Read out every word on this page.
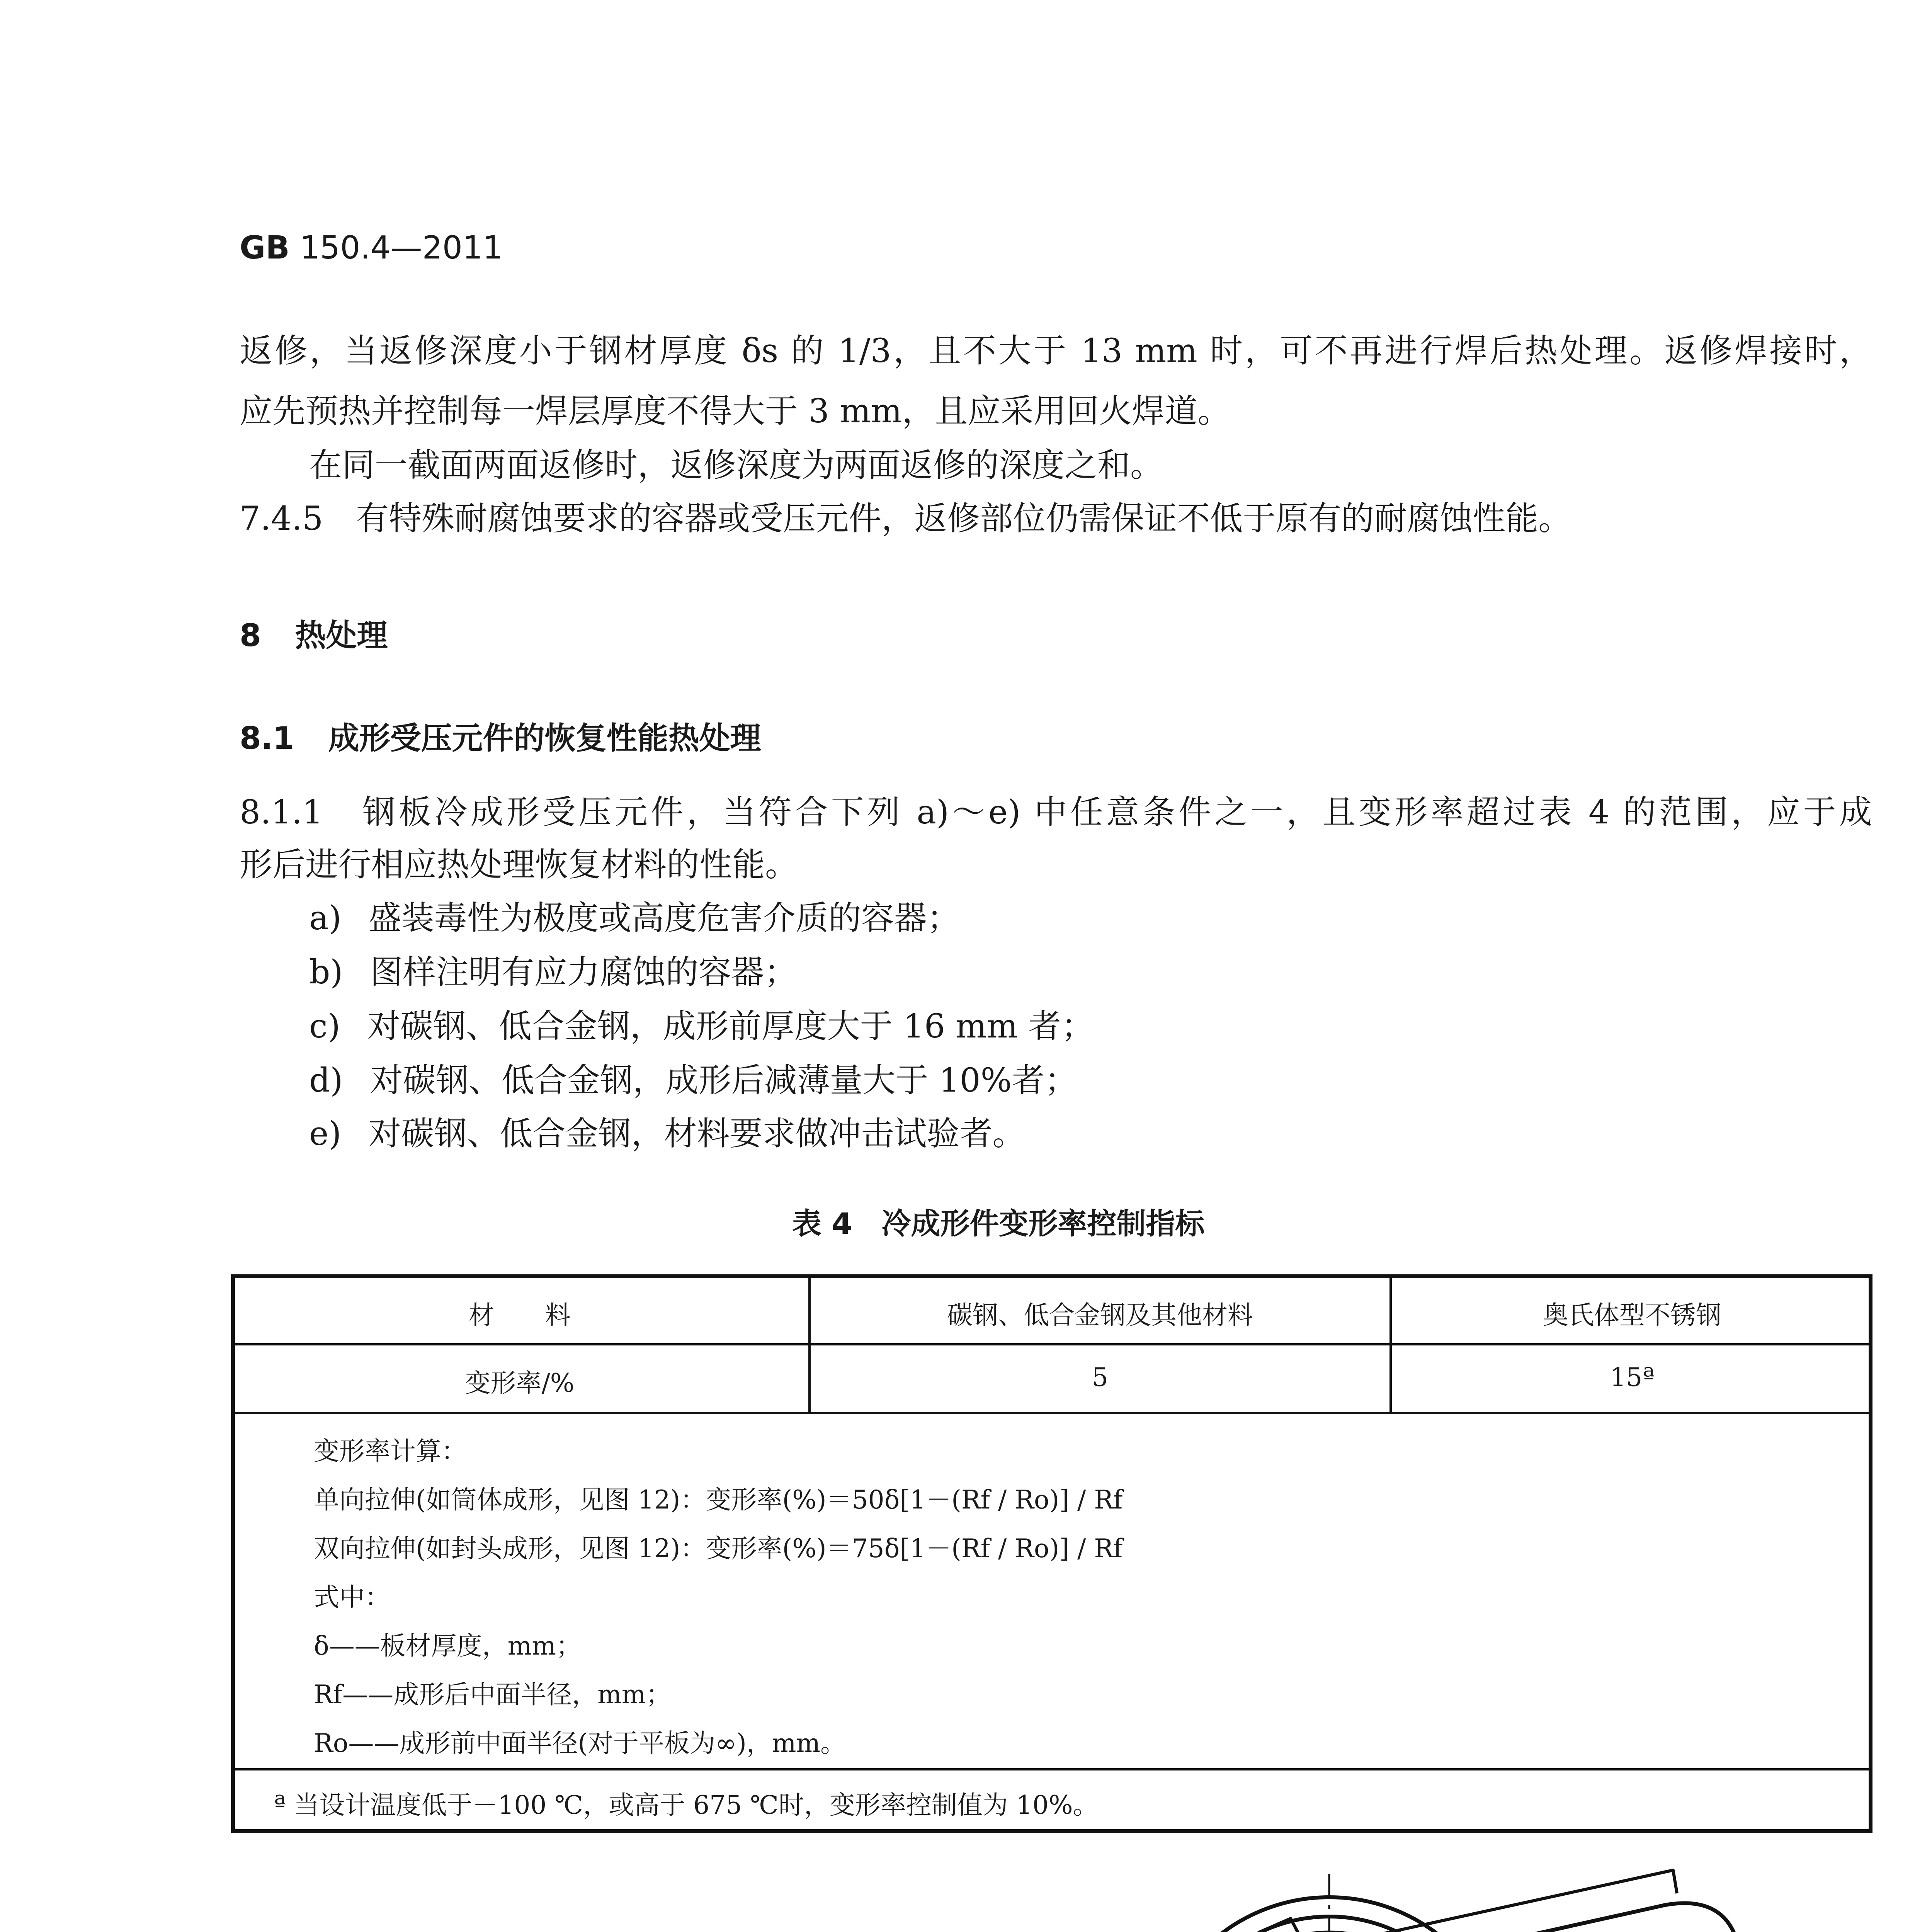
GB 150.4—2011
返修，当返修深度小于钢材厚度 δs 的 1/3，且不大于 13 mm 时，可不再进行焊后热处理。返修焊接时，
应先预热并控制每一焊层厚度不得大于 3 mm，且应采用回火焊道。
在同一截面两面返修时，返修深度为两面返修的深度之和。
7.4.5　有特殊耐腐蚀要求的容器或受压元件，返修部位仍需保证不低于原有的耐腐蚀性能。
8 热处理
8.1 成形受压元件的恢复性能热处理
8.1.1　钢板冷成形受压元件，当符合下列 a)～e) 中任意条件之一，且变形率超过表 4 的范围，应于成
形后进行相应热处理恢复材料的性能。
a) 盛装毒性为极度或高度危害介质的容器；
b) 图样注明有应力腐蚀的容器；
c) 对碳钢、低合金钢，成形前厚度大于 16 mm 者；
d) 对碳钢、低合金钢，成形后减薄量大于 10%者；
e) 对碳钢、低合金钢，材料要求做冲击试验者。
表 4　冷成形件变形率控制指标
材　　料	碳钢、低合金钢及其他材料	奥氏体型不锈钢
变形率/%	5	15ª
变形率计算：
单向拉伸(如筒体成形，见图 12)：变形率(%)＝50δ[1－(Rf / Ro)] / Rf
双向拉伸(如封头成形，见图 12)：变形率(%)＝75δ[1－(Rf / Ro)] / Rf
式中：
δ——板材厚度，mm；
Rf——成形后中面半径，mm；
Ro——成形前中面半径(对于平板为∞)，mm。
ª 当设计温度低于－100 ℃，或高于 675 ℃时，变形率控制值为 10%。
